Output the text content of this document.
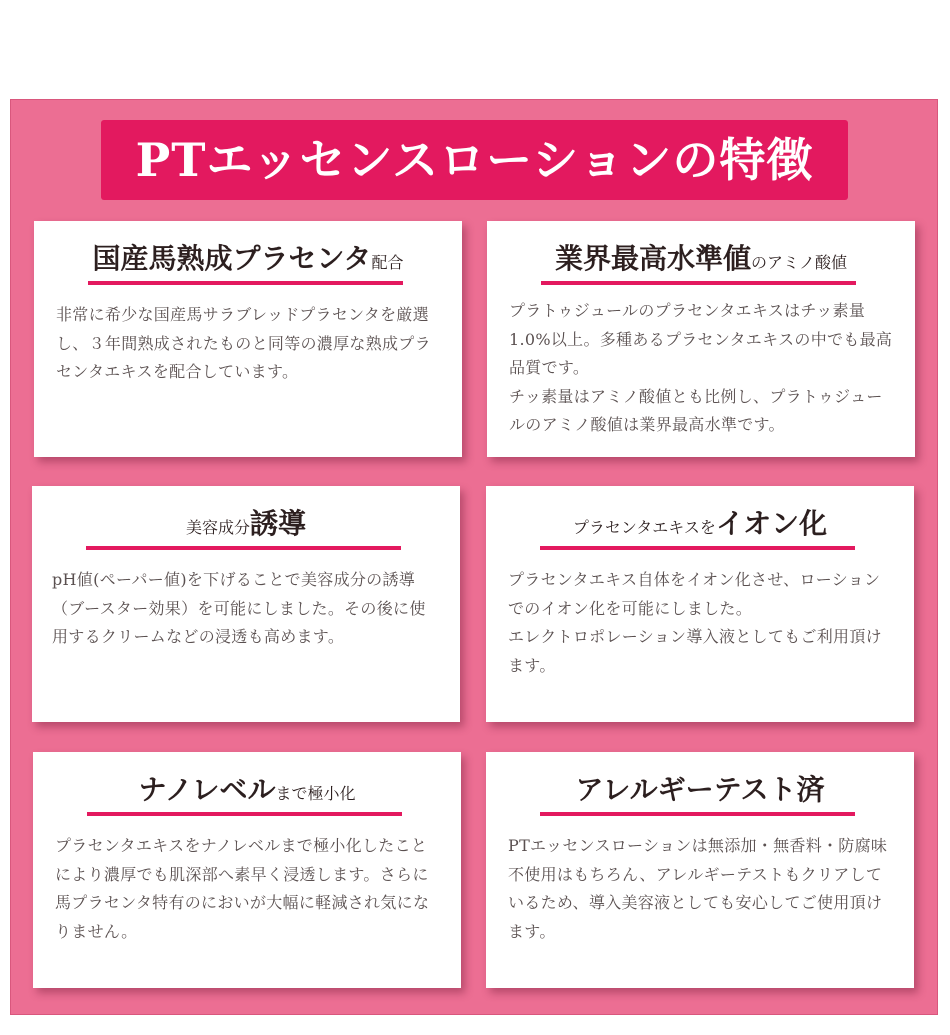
PTエッセンスローションの特徴
国産馬熟成プラセンタ配合

非常に希少な国産馬サラブレッドプラセンタを厳選し、３年間熟成されたものと同等の濃厚な熟成プラセンタエキスを配合しています。

業界最高水準値のアミノ酸値

プラトゥジュールのプラセンタエキスはチッ素量1.0%以上。多種あるプラセンタエキスの中でも最高品質です。

チッ素量はアミノ酸値とも比例し、プラトゥジュールのアミノ酸値は業界最高水準です。

美容成分誘導

pH値(ペーパー値)を下げることで美容成分の誘導（ブースター効果）を可能にしました。その後に使用するクリームなどの浸透も高めます。

プラセンタエキスをイオン化

プラセンタエキス自体をイオン化させ、ローションでのイオン化を可能にしました。

エレクトロポレーション導入液としてもご利用頂けます。

ナノレベルまで極小化

プラセンタエキスをナノレベルまで極小化したことにより濃厚でも肌深部へ素早く浸透します。さらに馬プラセンタ特有のにおいが大幅に軽減され気になりません。

アレルギーテスト済

PTエッセンスローションは無添加・無香料・防腐味不使用はもちろん、アレルギーテストもクリアしているため、導入美容液としても安心してご使用頂けます。
